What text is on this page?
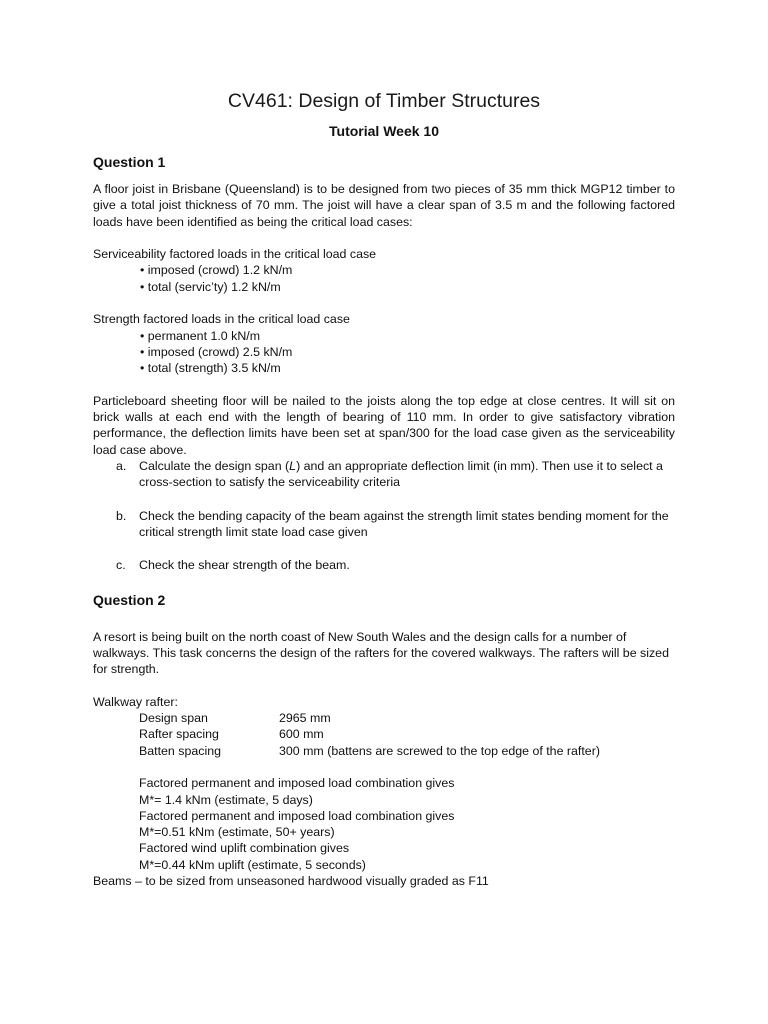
CV461: Design of Timber Structures
Tutorial Week 10
Question 1

A floor joist in Brisbane (Queensland) is to be designed from two pieces of 35 mm thick MGP12 timber to give a total joist thickness of 70 mm. The joist will have a clear span of 3.5 m and the following factored loads have been identified as being the critical load cases:

Serviceability factored loads in the critical load case

• imposed (crowd) 1.2 kN/m
• total (servic’ty) 1.2 kN/m

Strength factored loads in the critical load case

• permanent 1.0 kN/m
• imposed (crowd) 2.5 kN/m
• total (strength) 3.5 kN/m

Particleboard sheeting floor will be nailed to the joists along the top edge at close centres. It will sit on brick walls at each end with the length of bearing of 110 mm. In order to give satisfactory vibration performance, the deflection limits have been set at span/300 for the load case given as the serviceability load case above.

a. Calculate the design span (L) and an appropriate deflection limit (in mm). Then use it to select a cross-section to satisfy the serviceability criteria
b. Check the bending capacity of the beam against the strength limit states bending moment for the critical strength limit state load case given
c. Check the shear strength of the beam.
Question 2

A resort is being built on the north coast of New South Wales and the design calls for a number of walkways. This task concerns the design of the rafters for the covered walkways. The rafters will be sized for strength.

Walkway rafter:

Design span	2965 mm
Rafter spacing	600 mm
Batten spacing	300 mm (battens are screwed to the top edge of the rafter)

Factored permanent and imposed load combination gives

M*= 1.4 kNm (estimate, 5 days)

Factored permanent and imposed load combination gives

M*=0.51 kNm (estimate, 50+ years)

Factored wind uplift combination gives

M*=0.44 kNm uplift (estimate, 5 seconds)

Beams – to be sized from unseasoned hardwood visually graded as F11
